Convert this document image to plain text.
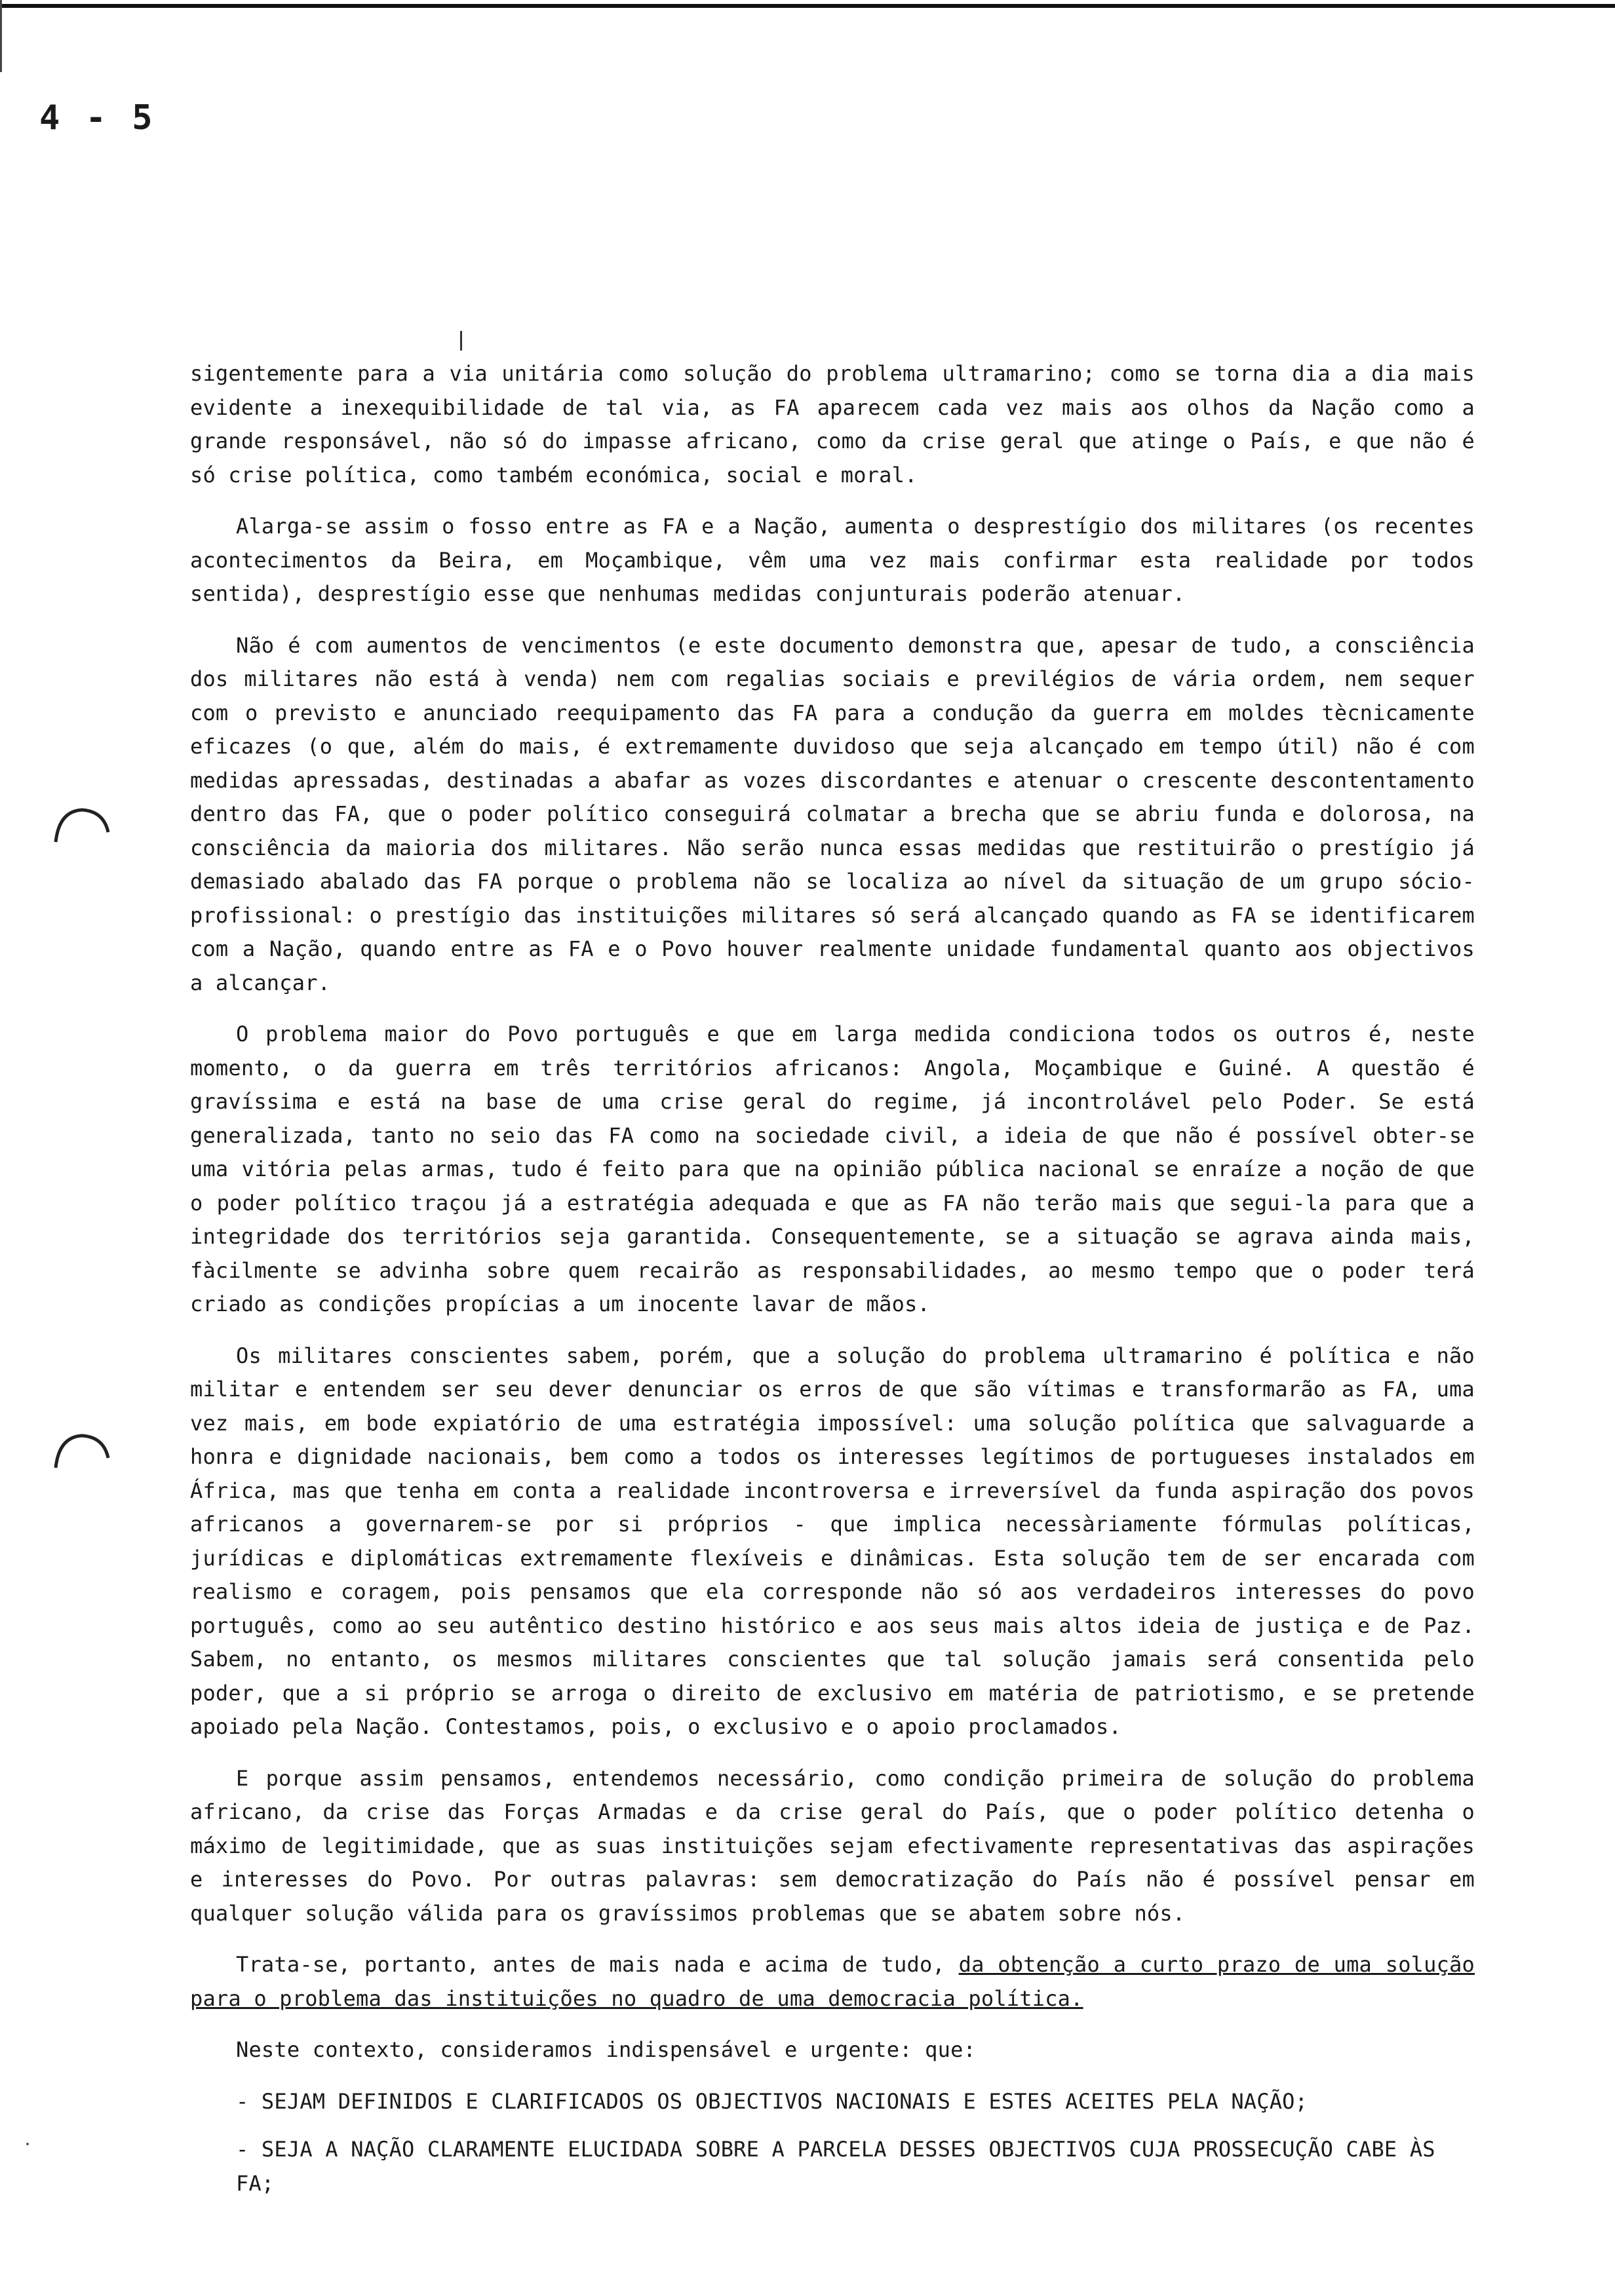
4 - 5

sigentemente para a via unitária como solução do problema ultramarino; como se torna dia a dia mais evidente a inexequibilidade de tal via, as FA aparecem cada vez mais aos olhos da Nação como a grande responsável, não só do impasse africano, como da crise geral que atinge o País, e que não é só crise política, como também económica, social e moral.

Alarga-se assim o fosso entre as FA e a Nação, aumenta o desprestígio dos militares (os recentes acontecimentos da Beira, em Moçambique, vêm uma vez mais confirmar esta realidade por todos sentida), desprestígio esse que nenhumas medidas conjunturais poderão atenuar.

Não é com aumentos de vencimentos (e este documento demonstra que, apesar de tudo, a consciência dos militares não está à venda) nem com regalias sociais e previlégios de vária ordem, nem sequer com o previsto e anunciado reequipamento das FA para a condução da guerra em moldes tècnicamente eficazes (o que, além do mais, é extremamente duvidoso que seja alcançado em tempo útil) não é com medidas apressadas, destinadas a abafar as vozes discordantes e atenuar o crescente descontentamento dentro das FA, que o poder político conseguirá colmatar a brecha que se abriu funda e dolorosa, na consciência da maioria dos militares. Não serão nunca essas medidas que restituirão o prestígio já demasiado abalado das FA porque o problema não se localiza ao nível da situação de um grupo sócio-profissional: o prestígio das instituições militares só será alcançado quando as FA se identificarem com a Nação, quando entre as FA e o Povo houver realmente unidade fundamental quanto aos objectivos a alcançar.

O problema maior do Povo português e que em larga medida condiciona todos os outros é, neste momento, o da guerra em três territórios africanos: Angola, Moçambique e Guiné. A questão é gravíssima e está na base de uma crise geral do regime, já incontrolável pelo Poder. Se está generalizada, tanto no seio das FA como na sociedade civil, a ideia de que não é possível obter-se uma vitória pelas armas, tudo é feito para que na opinião pública nacional se enraíze a noção de que o poder político traçou já a estratégia adequada e que as FA não terão mais que segui-la para que a integridade dos territórios seja garantida. Consequentemente, se a situação se agrava ainda mais, fàcilmente se advinha sobre quem recairão as responsabilidades, ao mesmo tempo que o poder terá criado as condições propícias a um inocente lavar de mãos.

Os militares conscientes sabem, porém, que a solução do problema ultramarino é política e não militar e entendem ser seu dever denunciar os erros de que são vítimas e transformarão as FA, uma vez mais, em bode expiatório de uma estratégia impossível: uma solução política que salvaguarde a honra e dignidade nacionais, bem como a todos os interesses legítimos de portugueses instalados em África, mas que tenha em conta a realidade incontroversa e irreversível da funda aspiração dos povos africanos a governarem-se por si próprios - que implica necessàriamente fórmulas políticas, jurídicas e diplomáticas extremamente flexíveis e dinâmicas. Esta solução tem de ser encarada com realismo e coragem, pois pensamos que ela corresponde não só aos verdadeiros interesses do povo português, como ao seu autêntico destino histórico e aos seus mais altos ideia de justiça e de Paz. Sabem, no entanto, os mesmos militares conscientes que tal solução jamais será consentida pelo poder, que a si próprio se arroga o direito de exclusivo em matéria de patriotismo, e se pretende apoiado pela Nação. Contestamos, pois, o exclusivo e o apoio proclamados.

E porque assim pensamos, entendemos necessário, como condição primeira de solução do problema africano, da crise das Forças Armadas e da crise geral do País, que o poder político detenha o máximo de legitimidade, que as suas instituições sejam efectivamente representativas das aspirações e interesses do Povo. Por outras palavras: sem democratização do País não é possível pensar em qualquer solução válida para os gravíssimos problemas que se abatem sobre nós.

Trata-se, portanto, antes de mais nada e acima de tudo, da obtenção a curto prazo de uma solução para o problema das instituições no quadro de uma democracia política.

Neste contexto, consideramos indispensável e urgente: que:

- SEJAM DEFINIDOS E CLARIFICADOS OS OBJECTIVOS NACIONAIS E ESTES ACEITES PELA NAÇÃO;

- SEJA A NAÇÃO CLARAMENTE ELUCIDADA SOBRE A PARCELA DESSES OBJECTIVOS CUJA PROSSECUÇÃO CABE ÀS FA;
